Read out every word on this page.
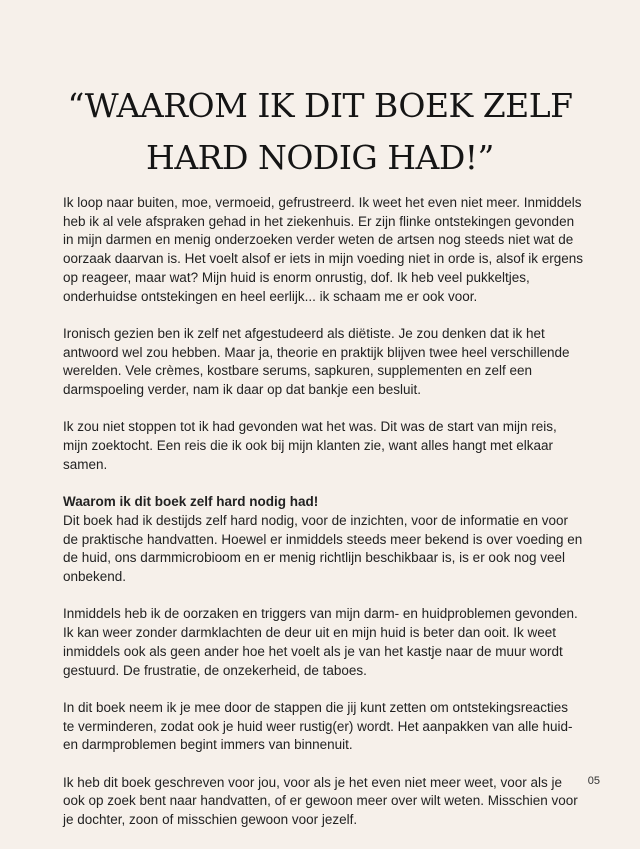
“WAAROM IK DIT BOEK ZELF
HARD NODIG HAD!”

Ik loop naar buiten, moe, vermoeid, gefrustreerd. Ik weet het even niet meer. Inmiddels heb ik al vele afspraken gehad in het ziekenhuis. Er zijn flinke ontstekingen gevonden in mijn darmen en menig onderzoeken verder weten de artsen nog steeds niet wat de oorzaak daarvan is. Het voelt alsof er iets in mijn voeding niet in orde is, alsof ik ergens op reageer, maar wat? Mijn huid is enorm onrustig, dof. Ik heb veel pukkeltjes, onderhuidse ontstekingen en heel eerlijk... ik schaam me er ook voor.

Ironisch gezien ben ik zelf net afgestudeerd als diëtiste. Je zou denken dat ik het antwoord wel zou hebben. Maar ja, theorie en praktijk blijven twee heel verschillende werelden. Vele crèmes, kostbare serums, sapkuren, supplementen en zelf een darmspoeling verder, nam ik daar op dat bankje een besluit.

Ik zou niet stoppen tot ik had gevonden wat het was. Dit was de start van mijn reis, mijn zoektocht. Een reis die ik ook bij mijn klanten zie, want alles hangt met elkaar samen.

Waarom ik dit boek zelf hard nodig had!
Dit boek had ik destijds zelf hard nodig, voor de inzichten, voor de informatie en voor de praktische handvatten. Hoewel er inmiddels steeds meer bekend is over voeding en de huid, ons darmmicrobioom en er menig richtlijn beschikbaar is, is er ook nog veel onbekend.

Inmiddels heb ik de oorzaken en triggers van mijn darm- en huidproblemen gevonden. Ik kan weer zonder darmklachten de deur uit en mijn huid is beter dan ooit. Ik weet inmiddels ook als geen ander hoe het voelt als je van het kastje naar de muur wordt gestuurd. De frustratie, de onzekerheid, de taboes.

In dit boek neem ik je mee door de stappen die jij kunt zetten om ontstekingsreacties te verminderen, zodat ook je huid weer rustig(er) wordt. Het aanpakken van alle huid- en darmproblemen begint immers van binnenuit.

Ik heb dit boek geschreven voor jou, voor als je het even niet meer weet, voor als je ook op zoek bent naar handvatten, of er gewoon meer over wilt weten. Misschien voor je dochter, zoon of misschien gewoon voor jezelf.

05
